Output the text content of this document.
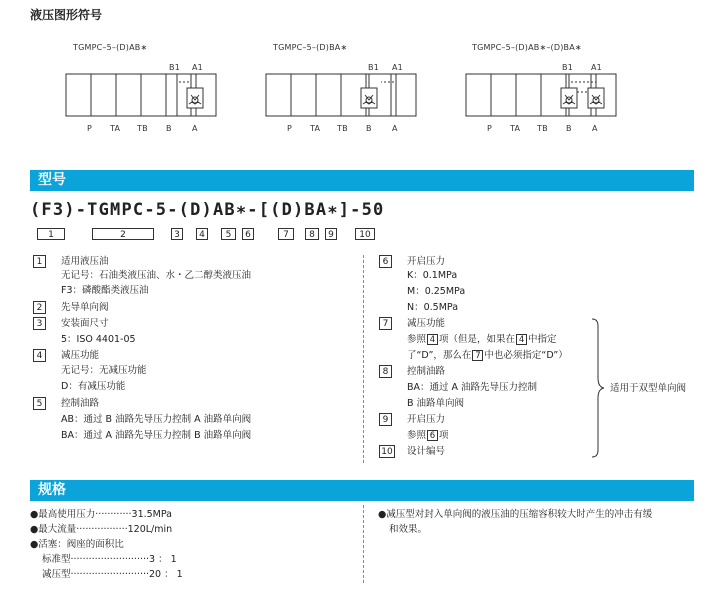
液压图形符号
TGMPC–5–(D)AB∗	TGMPC–5–(D)BA∗	TGMPC–5–(D)AB∗–(D)BA∗
B1 A1	B1 A1	B1 A1
P TA TB B	A	P TA TB B	A	P TA TB B	A
型号
(F3)-TGMPC-5-(D)AB∗-[(D)BA∗]-50
1	2	3	4	5	6	7	8	9	10
1	适用液压油
无记号：石油类液压油、水・乙二醇类液压油
F3：磷酸酯类液压油
2	先导单向阀
3	安装面尺寸
5：ISO 4401-05
4	减压功能
无记号：无减压功能
D：有减压功能
5	控制油路
AB：通过 B 油路先导压力控制 A 油路单向阀
BA：通过 A 油路先导压力控制 B 油路单向阀
6	开启压力
K：0.1MPa
M：0.25MPa
N：0.5MPa
7	减压功能
参照 4 项（但是，如果在 4 中指定
了“D”，那么在 7 中也必须指定“D”）
8	控制油路
BA：通过 A 油路先导压力控制
B 油路单向阀
9	开启压力
参照 6 项
10 设计编号
适用于双型单向阀
规格
●最高使用压力············31.5MPa
●最大流量·················120L/min
●活塞：阀座的面积比
标准型··························3 ： 1
减压型··························20 ： 1
●减压型对封入单向阀的液压油的压缩容积较大时产生的冲击有缓
和效果。
